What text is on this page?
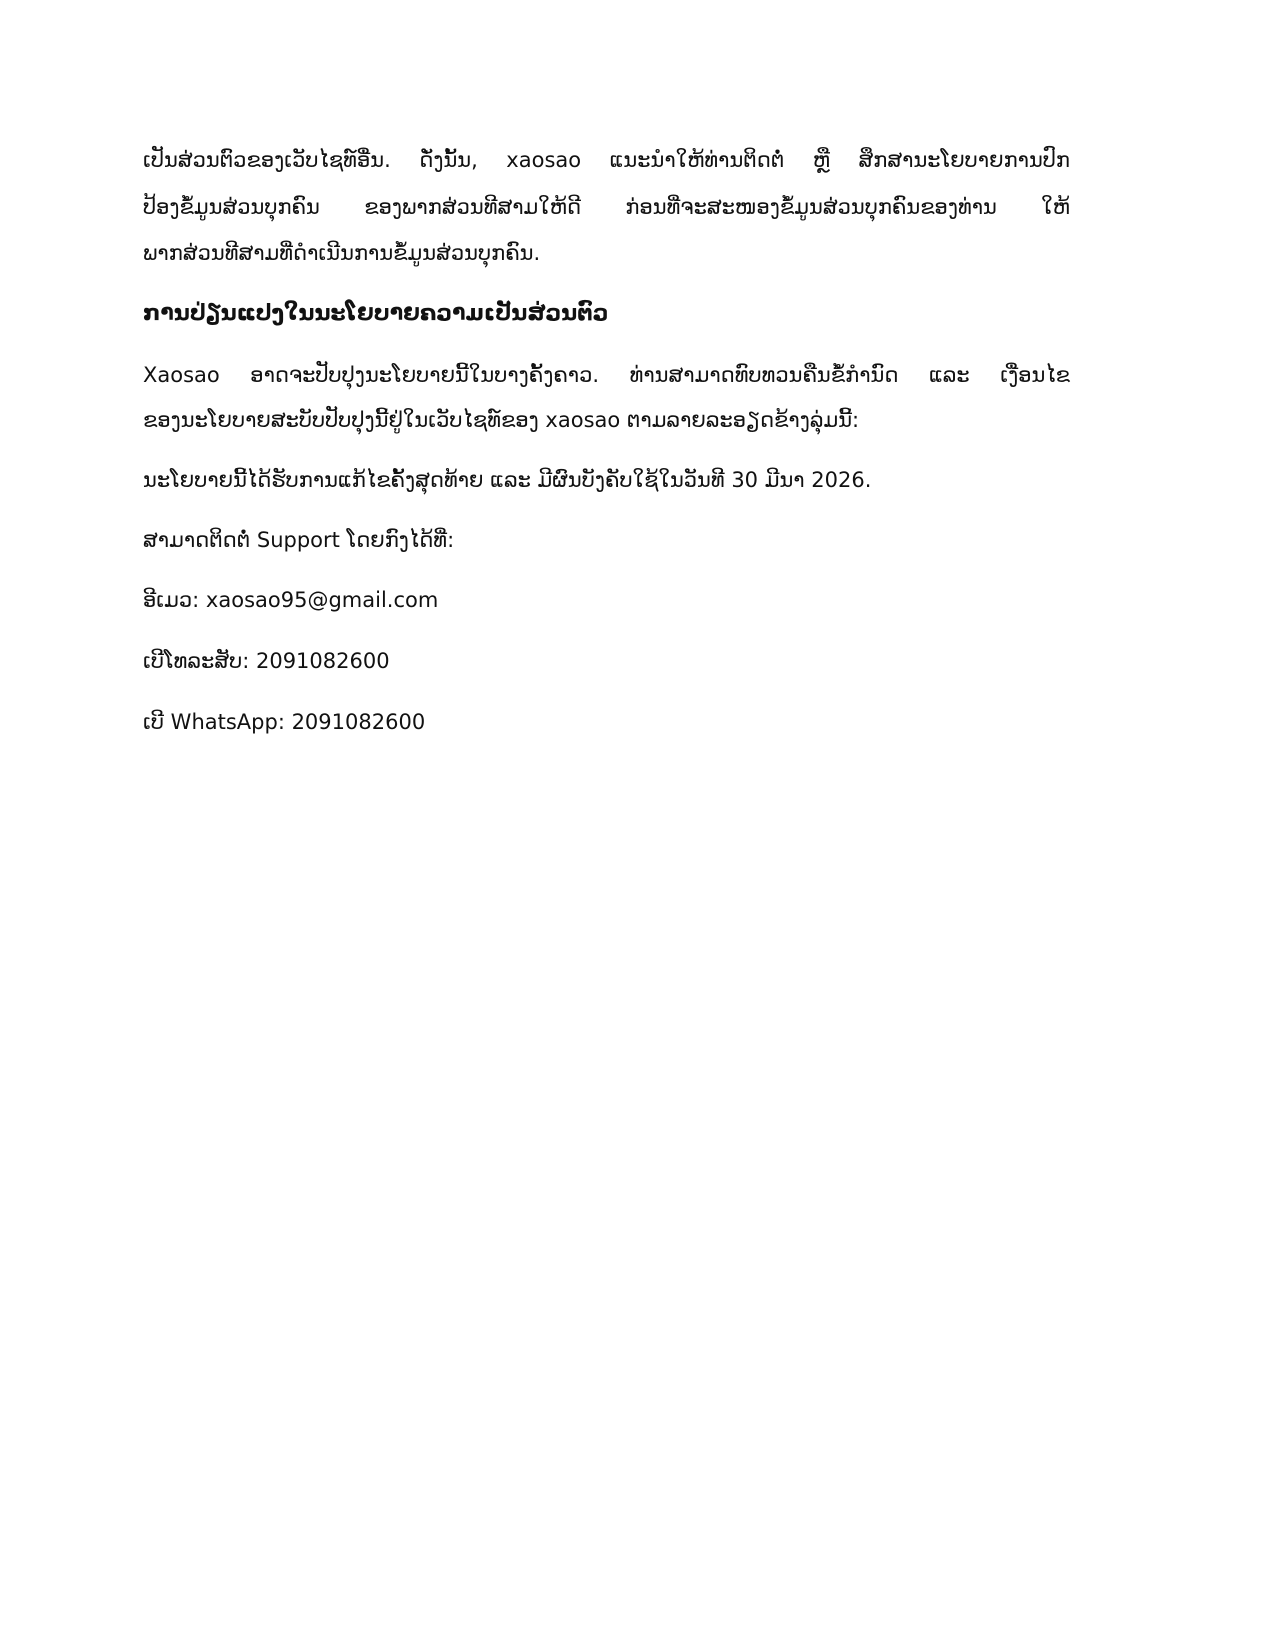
ເປັນສ່ວນຕົວຂອງເວັບໄຊທ໌ອື່ນ. ດັ່ງນັ້ນ, xaosao ແນະນຳໃຫ້ທ່ານຕິດຕໍ່ ຫຼື ສຶກສານະໂຍບາຍການປົກ
ປ້ອງຂໍ້ມູນສ່ວນບຸກຄົນ ຂອງພາກສ່ວນທີສາມໃຫ້ດີ ກ່ອນທີ່ຈະສະໜອງຂໍ້ມູນສ່ວນບຸກຄົນຂອງທ່ານ ໃຫ້
ພາກສ່ວນທີສາມທີ່ດຳເນີນການຂໍ້ມູນສ່ວນບຸກຄົນ.
ການປ່ຽນແປງໃນນະໂຍບາຍຄວາມເປັນສ່ວນຕົວ
Xaosao ອາດຈະປັບປຸງນະໂຍບາຍນີ້ໃນບາງຄັ້ງຄາວ. ທ່ານສາມາດທົບທວນຄືນຂໍ້ກຳນົດ ແລະ ເງື່ອນໄຂ
ຂອງນະໂຍບາຍສະບັບປັບປຸງນີ້ຢູ່ໃນເວັບໄຊທ໌ຂອງ xaosao ຕາມລາຍລະອຽດຂ້າງລຸ່ມນີ້:
ນະໂຍບາຍນີ້ໄດ້ຮັບການແກ້ໄຂຄັ້ງສຸດທ້າຍ ແລະ ມີຜົນບັງຄັບໃຊ້ໃນວັນທີ 30 ມີນາ 2026.
ສາມາດຕິດຕໍ່ Support ໂດຍກົງໄດ້ທີ່:
ອີເມວ: xaosao95@gmail.com
ເບີໂທລະສັບ: 2091082600
ເບີ WhatsApp: 2091082600
